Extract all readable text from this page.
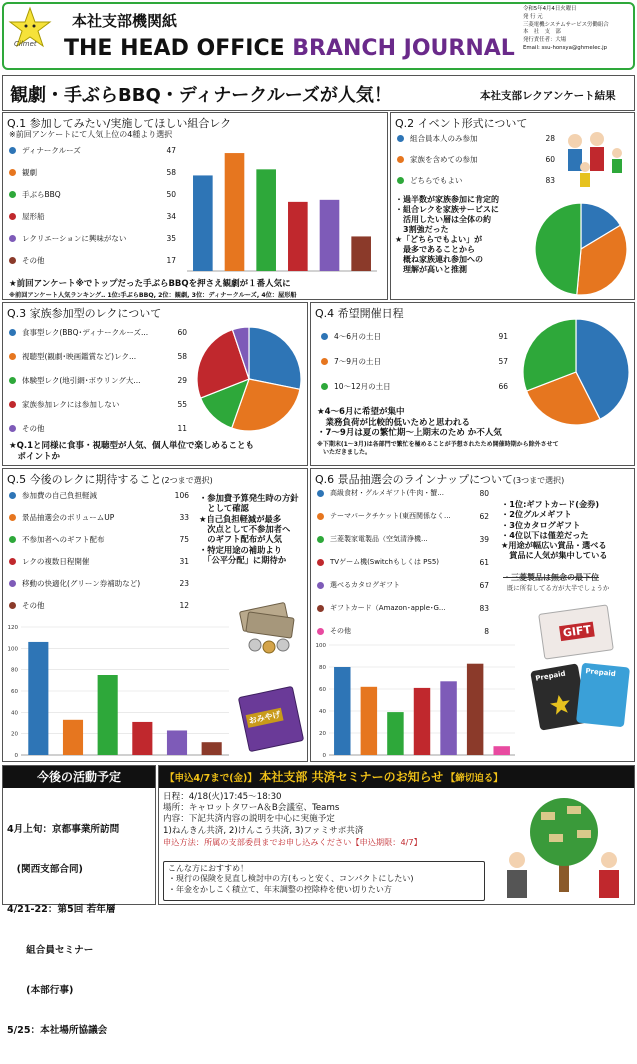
Cilmet
本社支部機関紙
THE HEAD OFFICE BRANCH JOURNAL
令和5年4月4日火曜日
発 行 元
三菱電機システムサービス労働組合
本　社　支　部
発行責任者：大場
Email: ssu-honsya@ghmelec.jp
観劇・手ぶらBBQ・ディナークルーズが人気！	本社支部レクアンケート結果
Q.1 参加してみたい/実施してほしい組合レク
※前回アンケートにて人気上位の4種より選択
ディナークルーズ	47
観劇	58
手ぶらBBQ	50
屋形船	34
レクリエーションに興味がない	35
その他	17
★前回アンケート※でトップだった手ぶらBBQを押さえ観劇が１番人気に
※前回アンケート人気ランキング‥ 1位:手ぶらBBQ, 2位：観劇, 3位：ディナークルーズ, 4位：屋形船
Q.2 イベント形式について
組合員本人のみ参加	28
家族を含めての参加	60
どちらでもよい	83
・過半数が家族参加に肯定的
・組合レクを家族サービスに
　活用したい層は全体の約
　3割強だった
★「どちらでもよい」が
　最多であることから
　概ね家族連れ参加への
　理解が高いと推測
Q.3 家族参加型のレクについて
食事型レク(BBQ･ディナークルーズ...	60
視聴型(観劇･映画鑑賞など)レク...	58
体験型レク(地引網･ボウリング大...	29
家族参加レクには参加しない	55
その他	11
★Q.1と同様に食事・視聴型が人気、個人単位で楽しめることも
　ポイントか
Q.4 希望開催日程
4～6月の土日	91
7～9月の土日	57
10～12月の土日	66
★4～6月に希望が集中
　業務負荷が比較的低いためと思われる
・7～9月は夏の繁忙期～上期末のため か不人気
※下期末(1～3月)は各部門で繁忙を極めることが予想されたため開催時期から除外させて
　いただきました。
Q.5 今後のレクに期待すること(2つまで選択)
参加費の自己負担軽減	106
景品抽選会のボリュームUP	33
不参加者へのギフト配布	75
レクの複数日程開催	31
移動の快適化(グリーン券補助など)	23
その他	12
・参加費予算発生時の方針
　として確認
★自己負担軽減が最多
　次点として不参加者へ
　のギフト配布が人気
・特定用途の補助より
　「公平分配」に期待か
0
20
40
60
80
100
120
おみやげ
Q.6 景品抽選会のラインナップについて(3つまで選択)
高級食材・グルメギフト(牛肉・蟹...	80
テーマパークチケット(東西関係なく...	62
三菱製家電製品（空気清浄機...	39
TVゲーム機(Switchもしくは PS5)	61
選べるカタログギフト	67
ギフトカード（Amazon･apple･G...	83
その他	8
・1位:ギフトカード(金券)
・2位グルメギフト
・3位カタログギフト
・4位以下は僅差だった
★用途が幅広い賞品・選べる
　賞品に人気が集中している
・三菱製品は無念の最下位
既に所有してる方が大半でしょうか
0
20
40
60
80
100
GIFT
Prepaid	Prepaid
今後の活動予定

4月上旬：京都事業所訪問

　(関西支部合同)

4/21-22：第5回 若年層

　　組合員セミナー

　　(本部行事)

5/25：本社場所協議会

【申込4/7まで(金)】 本社支部 共済セミナーのお知らせ 【締切迫る】
日程：4/18(火)17:45～18:30
場所：キャロットタワーA＆B会議室、Teams
内容：下記共済内容の説明を中心に実施予定
1)ねんきん共済, 2)けんこう共済, 3)ファミサポ共済
申込方法：所属の支部委員までお申し込みください【申込期限：4/7】
こんな方におすすめ！
・現行の保険を見直し検討中の方(もっと安く、コンパクトにしたい)
・年金をかしこく積立て、年末調整の控除枠を使い切りたい方
